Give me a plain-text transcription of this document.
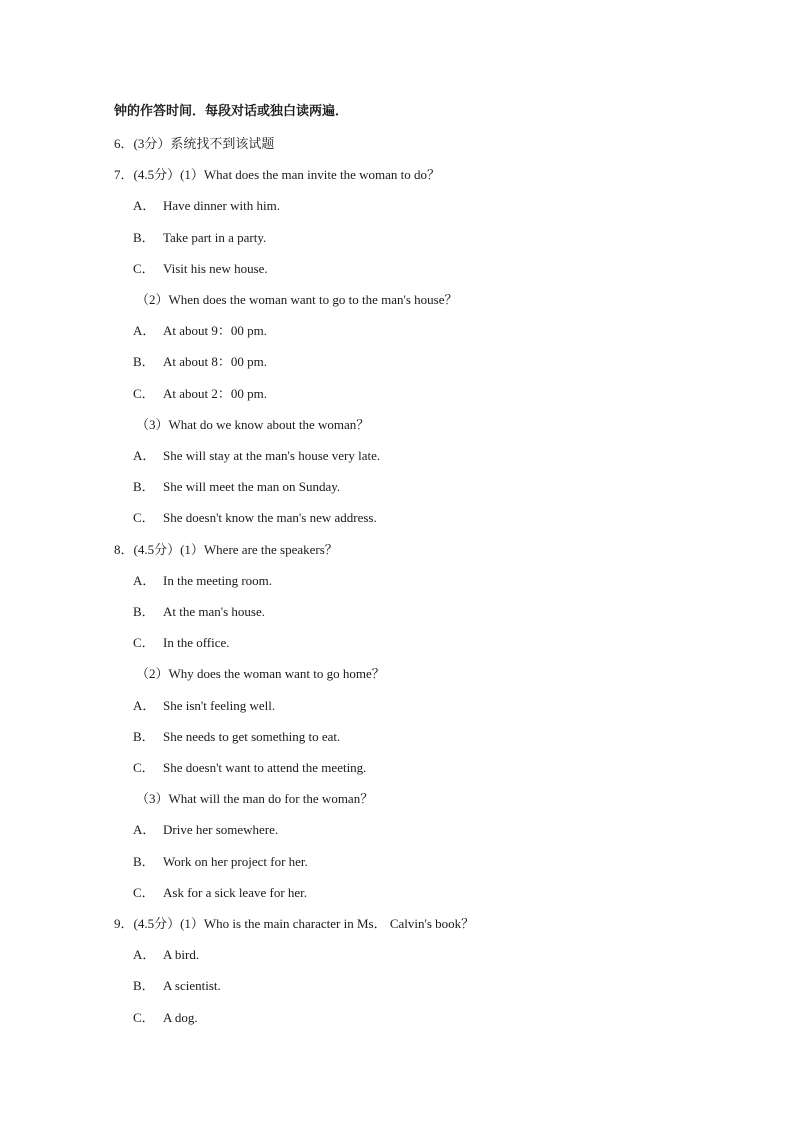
钟的作答时间．每段对话或独白读两遍．
6．(3分）系统找不到该试题
7．(4.5分）(1）What does the man invite the woman to do？
A． Have dinner with him.
B． Take part in a party.
C． Visit his new house.
（2）When does the woman want to go to the man's house？
A． At about 9：00 pm.
B． At about 8：00 pm.
C． At about 2：00 pm.
（3）What do we know about the woman？
A． She will stay at the man's house very late.
B． She will meet the man on Sunday.
C． She doesn't know the man's new address.
8．(4.5分）(1）Where are the speakers？
A． In the meeting room.
B． At the man's house.
C． In the office.
（2）Why does the woman want to go home？
A． She isn't feeling well.
B． She needs to get something to eat.
C． She doesn't want to attend the meeting.
（3）What will the man do for the woman？
A． Drive her somewhere.
B． Work on her project for her.
C． Ask for a sick leave for her.
9．(4.5分）(1）Who is the main character in Ms． Calvin's book？
A． A bird.
B． A scientist.
C． A dog.
